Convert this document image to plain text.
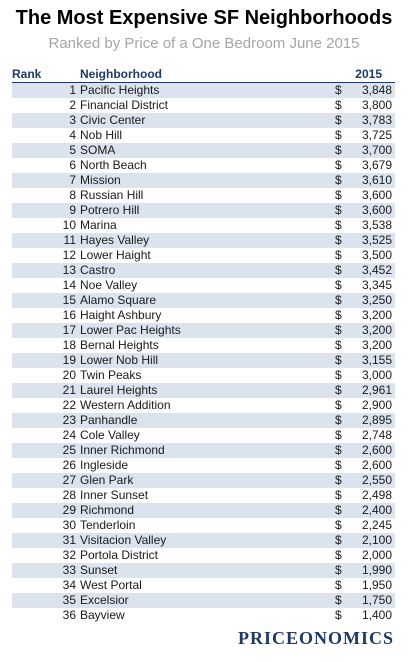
The Most Expensive SF Neighborhoods
Ranked by Price of a One Bedroom June 2015
Rank	Neighborhood	2015
1 Pacific Heights	$	3,848
2 Financial District	$	3,800
3 Civic Center	$	3,783
4 Nob Hill	$	3,725
5 SOMA	$	3,700
6 North Beach	$	3,679
7 Mission	$	3,610
8 Russian Hill	$	3,600
9 Potrero Hill	$	3,600
10 Marina	$	3,538
11 Hayes Valley	$	3,525
12 Lower Haight	$	3,500
13 Castro	$	3,452
14 Noe Valley	$	3,345
15 Alamo Square	$	3,250
16 Haight Ashbury	$	3,200
17 Lower Pac Heights	$	3,200
18 Bernal Heights	$	3,200
19 Lower Nob Hill	$	3,155
20 Twin Peaks	$	3,000
21 Laurel Heights	$	2,961
22 Western Addition	$	2,900
23 Panhandle	$	2,895
24 Cole Valley	$	2,748
25 Inner Richmond	$	2,600
26 Ingleside	$	2,600
27 Glen Park	$	2,550
28 Inner Sunset	$	2,498
29 Richmond	$	2,400
30 Tenderloin	$	2,245
31 Visitacion Valley	$	2,100
32 Portola District	$	2,000
33 Sunset	$	1,990
34 West Portal	$	1,950
35 Excelsior	$	1,750
36 Bayview	$	1,400
PRICEONOMICS
